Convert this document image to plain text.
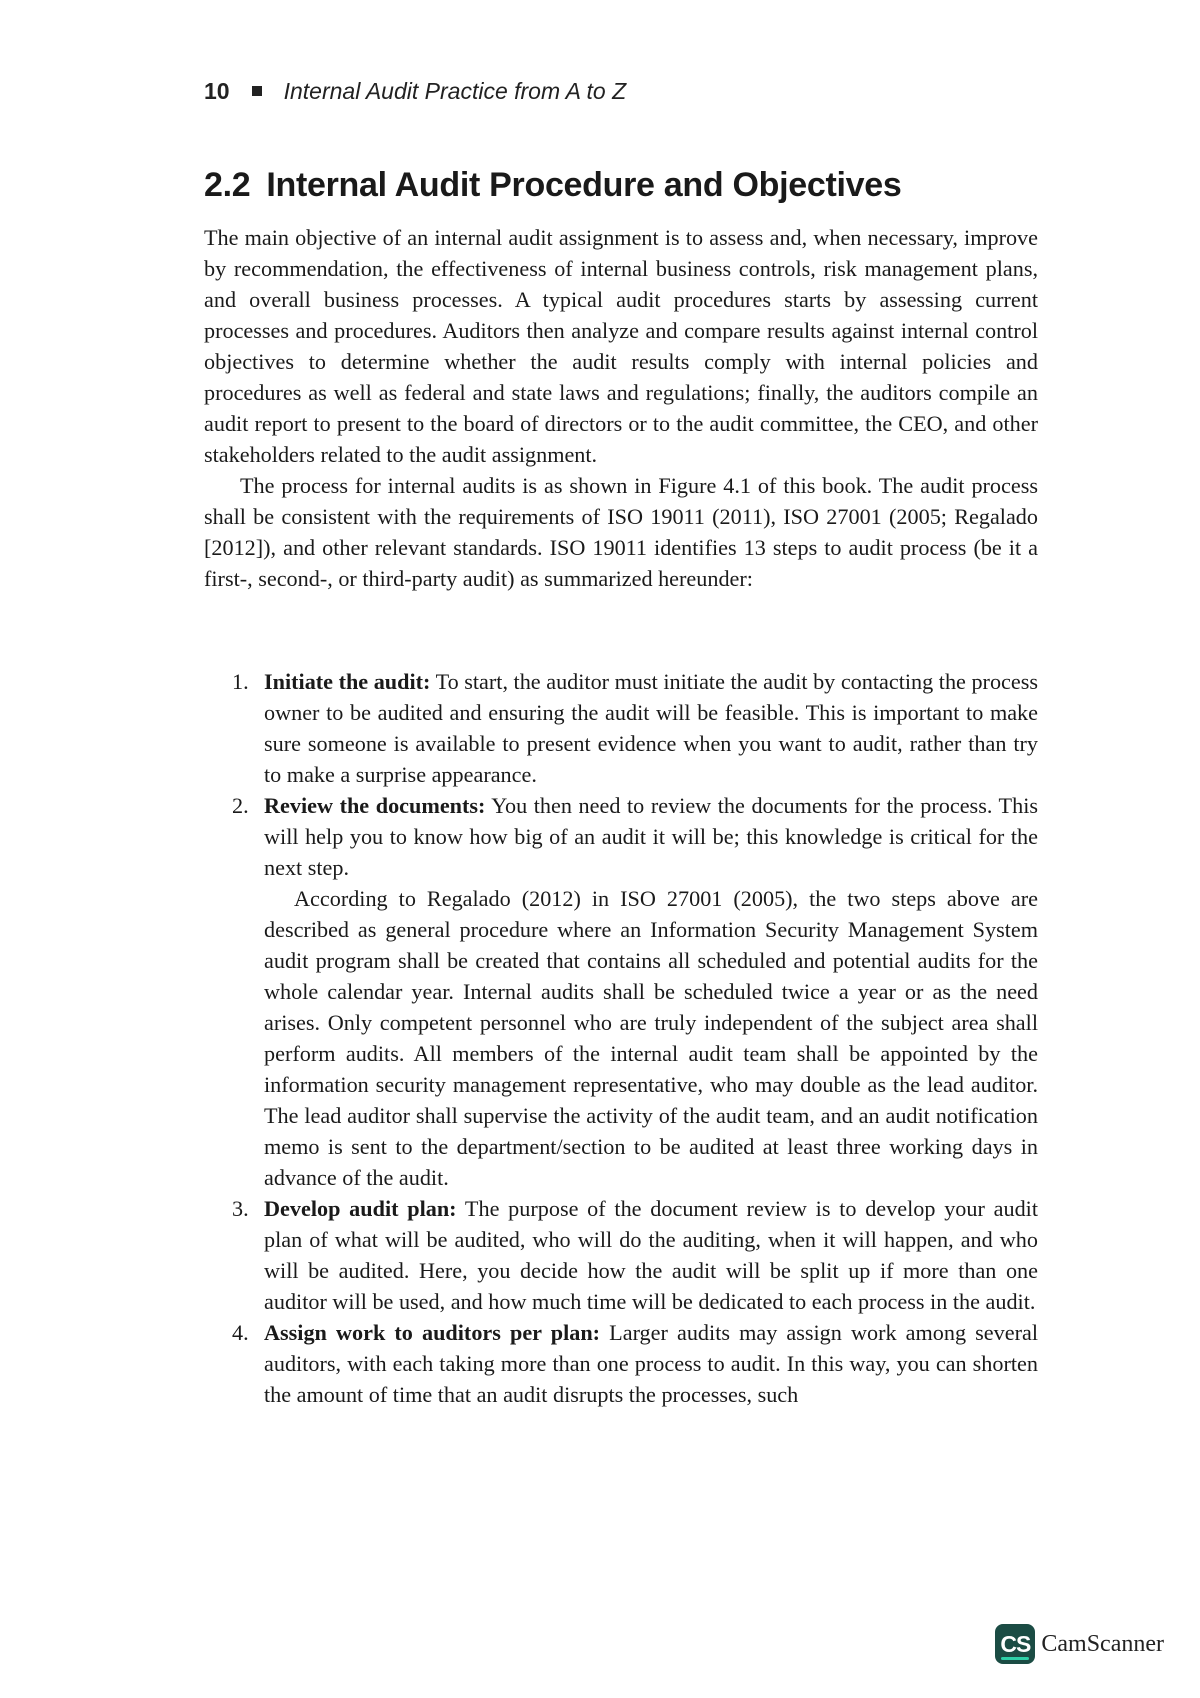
10 Internal Audit Practice from A to Z
2.2 Internal Audit Procedure and Objectives

The main objective of an internal audit assignment is to assess and, when necessary, improve by recommendation, the effectiveness of internal business controls, risk management plans, and overall business processes. A typical audit procedures starts by assessing current processes and procedures. Auditors then analyze and compare results against internal control objectives to determine whether the audit results comply with internal policies and procedures as well as federal and state laws and regulations; finally, the auditors compile an audit report to present to the board of directors or to the audit committee, the CEO, and other stakeholders related to the audit assignment.

The process for internal audits is as shown in Figure 4.1 of this book. The audit process shall be consistent with the requirements of ISO 19011 (2011), ISO 27001 (2005; Regalado [2012]), and other relevant standards. ISO 19011 identifies 13 steps to audit process (be it a first-, second-, or third-party audit) as summarized hereunder:

1. Initiate the audit: To start, the auditor must initiate the audit by contacting the process owner to be audited and ensuring the audit will be feasible. This is important to make sure someone is available to present evidence when you want to audit, rather than try to make a surprise appearance.
2. Review the documents: You then need to review the documents for the process. This will help you to know how big of an audit it will be; this knowledge is critical for the next step.

According to Regalado (2012) in ISO 27001 (2005), the two steps above are described as general procedure where an Information Security Management System audit program shall be created that contains all scheduled and potential audits for the whole calendar year. Internal audits shall be scheduled twice a year or as the need arises. Only competent personnel who are truly independent of the subject area shall perform audits. All members of the internal audit team shall be appointed by the information security management representative, who may double as the lead auditor. The lead auditor shall supervise the activity of the audit team, and an audit notification memo is sent to the department/section to be audited at least three working days in advance of the audit.

3. Develop audit plan: The purpose of the document review is to develop your audit plan of what will be audited, who will do the auditing, when it will happen, and who will be audited. Here, you decide how the audit will be split up if more than one auditor will be used, and how much time will be dedicated to each process in the audit.
4. Assign work to auditors per plan: Larger audits may assign work among several auditors, with each taking more than one process to audit. In this way, you can shorten the amount of time that an audit disrupts the processes, such
CS CamScanner
